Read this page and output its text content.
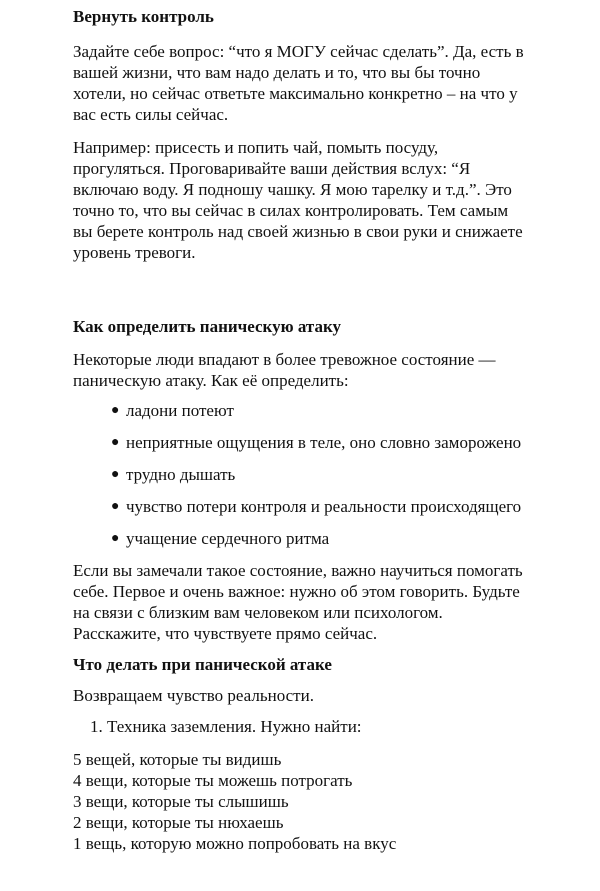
Вернуть контроль

Задайте себе вопрос: “что я МОГУ сейчас сделать”. Да, есть в вашей жизни, что вам надо делать и то, что вы бы точно хотели, но сейчас ответьте максимально конкретно – на что у вас есть силы сейчас.

Например: присесть и попить чай, помыть посуду, прогуляться. Проговаривайте ваши действия вслух: “Я включаю воду. Я подношу чашку. Я мою тарелку и т.д.”. Это точно то, что вы сейчас в силах контролировать. Тем самым вы берете контроль над своей жизнью в свои руки и снижаете уровень тревоги.

Как определить паническую атаку

Некоторые люди впадают в более тревожное состояние — паническую атаку. Как её определить:

● ладони потеют
● неприятные ощущения в теле, оно словно заморожено
● трудно дышать
● чувство потери контроля и реальности происходящего
● учащение сердечного ритма

Если вы замечали такое состояние, важно научиться помогать себе. Первое и очень важное: нужно об этом говорить. Будьте на связи с близким вам человеком или психологом. Расскажите, что чувствуете прямо сейчас.

Что делать при панической атаке

Возвращаем чувство реальности.

1. Техника заземления. Нужно найти:

5 вещей, которые ты видишь

4 вещи, которые ты можешь потрогать

3 вещи, которые ты слышишь

2 вещи, которые ты нюхаешь

1 вещь, которую можно попробовать на вкус
